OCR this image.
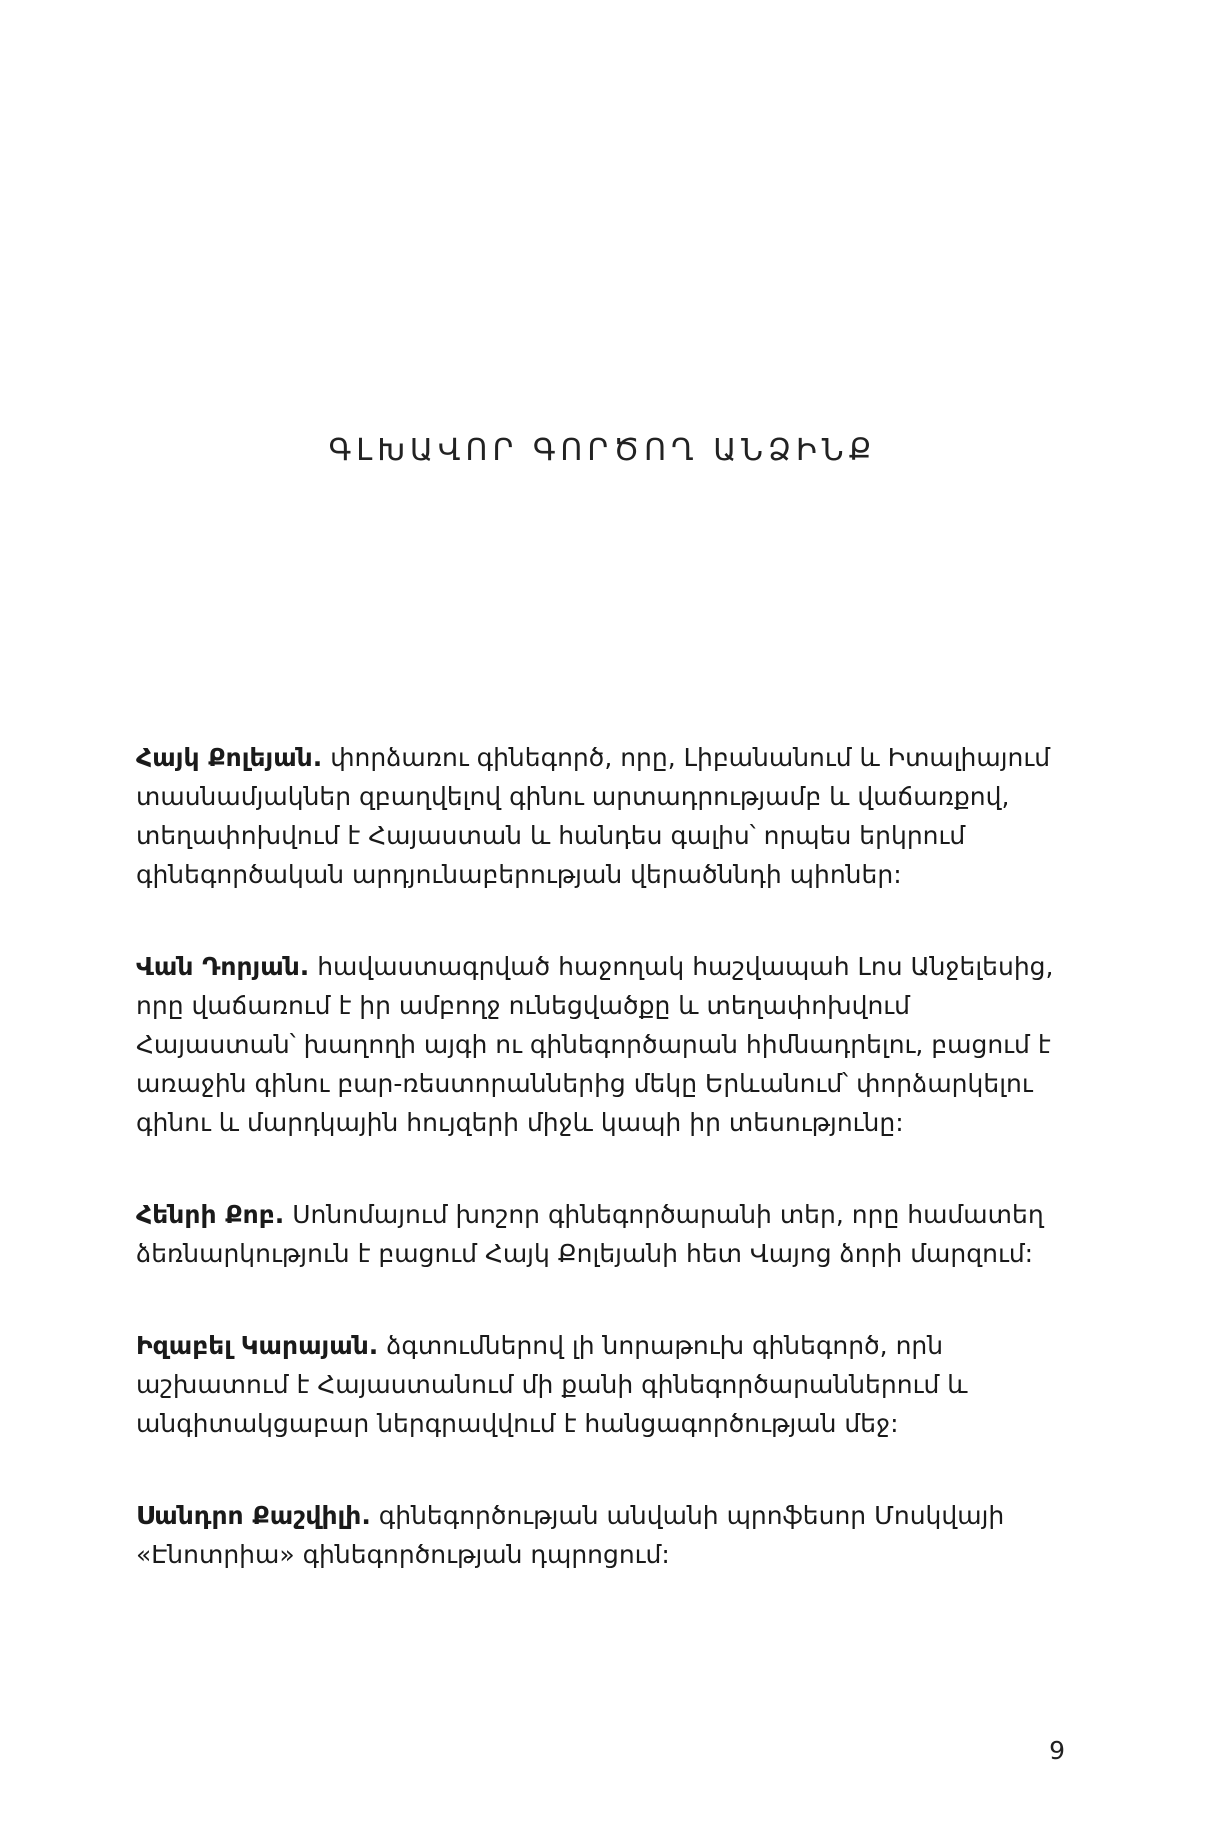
ԳԼԽԱՎՈՐ ԳՈՐԾՈՂ ԱՆՁԻՆՔ

Հայկ Քոլեյան. փորձառու գինեգործ, որը, Լիբանանում և Իտալիայում տասնամյակներ զբաղվելով գինու արտադրությամբ և վաճառքով, տեղափոխվում է Հայաստան և հանդես գալիս՝ որպես երկրում գինեգործական արդյունաբերության վերածննդի պիոներ:

Վան Դորյան. հավաստագրված հաջողակ հաշվապահ Լոս Անջելեսից, որը վաճառում է իր ամբողջ ունեցվածքը և տեղափոխվում Հայաստան՝ խաղողի այգի ու գինեգործարան հիմնադրելու, բացում է առաջին գինու բար-ռեստորաններից մեկը Երևանում՝ փորձարկելու գինու և մարդկային հույզերի միջև կապի իր տեսությունը:

Հենրի Քոբ. Սոնոմայում խոշոր գինեգործարանի տեր, որը համատեղ ձեռնարկություն է բացում Հայկ Քոլեյանի հետ Վայոց ձորի մարզում:

Իզաբել Կարայան. ձգտումներով լի նորաթուխ գինեգործ, որն աշխատում է Հայաստանում մի քանի գինեգործարաններում և անգիտակցաբար ներգրավվում է հանցագործության մեջ:

Սանդրո Քաշվիլի. գինեգործության անվանի պրոֆեսոր Մոսկվայի «Էնոտրիա» գինեգործության դպրոցում:

9
